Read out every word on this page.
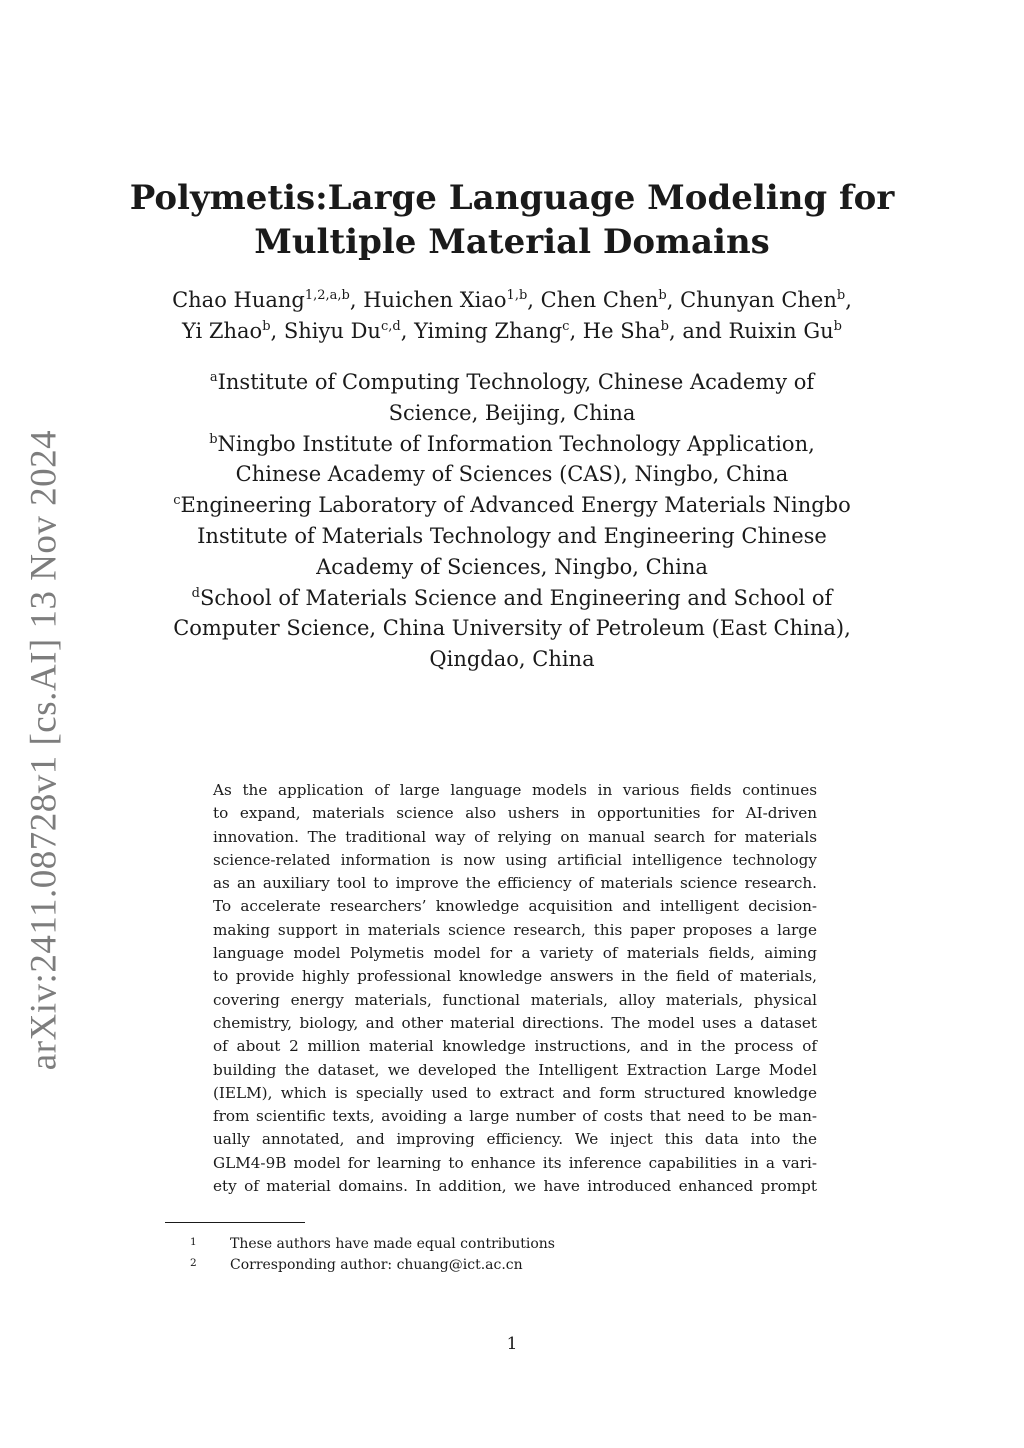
arXiv:2411.08728v1 [cs.AI] 13 Nov 2024
Polymetis:Large Language Modeling for
Multiple Material Domains
Chao Huang$^{1,2,a,b}$, Huichen Xiao$^{1,b}$, Chen Chen$^b$, Chunyan Chen$^b$,
Yi Zhao$^b$, Shiyu Du$^{c,d}$, Yiming Zhang$^c$, He Sha$^b$, and Ruixin Gu$^b$
$^a$Institute of Computing Technology, Chinese Academy of
Science, Beijing, China
$^b$Ningbo Institute of Information Technology Application,
Chinese Academy of Sciences (CAS), Ningbo, China
$^c$Engineering Laboratory of Advanced Energy Materials Ningbo
Institute of Materials Technology and Engineering Chinese
Academy of Sciences, Ningbo, China
$^d$School of Materials Science and Engineering and School of
Computer Science, China University of Petroleum (East China),
Qingdao, China
As the application of large language models in various fields continues
to expand, materials science also ushers in opportunities for AI-driven
innovation. The traditional way of relying on manual search for materials
science-related information is now using artificial intelligence technology
as an auxiliary tool to improve the efficiency of materials science research.
To accelerate researchers’ knowledge acquisition and intelligent decision-
making support in materials science research, this paper proposes a large
language model Polymetis model for a variety of materials fields, aiming
to provide highly professional knowledge answers in the field of materials,
covering energy materials, functional materials, alloy materials, physical
chemistry, biology, and other material directions. The model uses a dataset
of about 2 million material knowledge instructions, and in the process of
building the dataset, we developed the Intelligent Extraction Large Model
(IELM), which is specially used to extract and form structured knowledge
from scientific texts, avoiding a large number of costs that need to be man-
ually annotated, and improving efficiency. We inject this data into the
GLM4-9B model for learning to enhance its inference capabilities in a vari-
ety of material domains. In addition, we have introduced enhanced prompt
1 These authors have made equal contributions
2 Corresponding author: chuang@ict.ac.cn
1
